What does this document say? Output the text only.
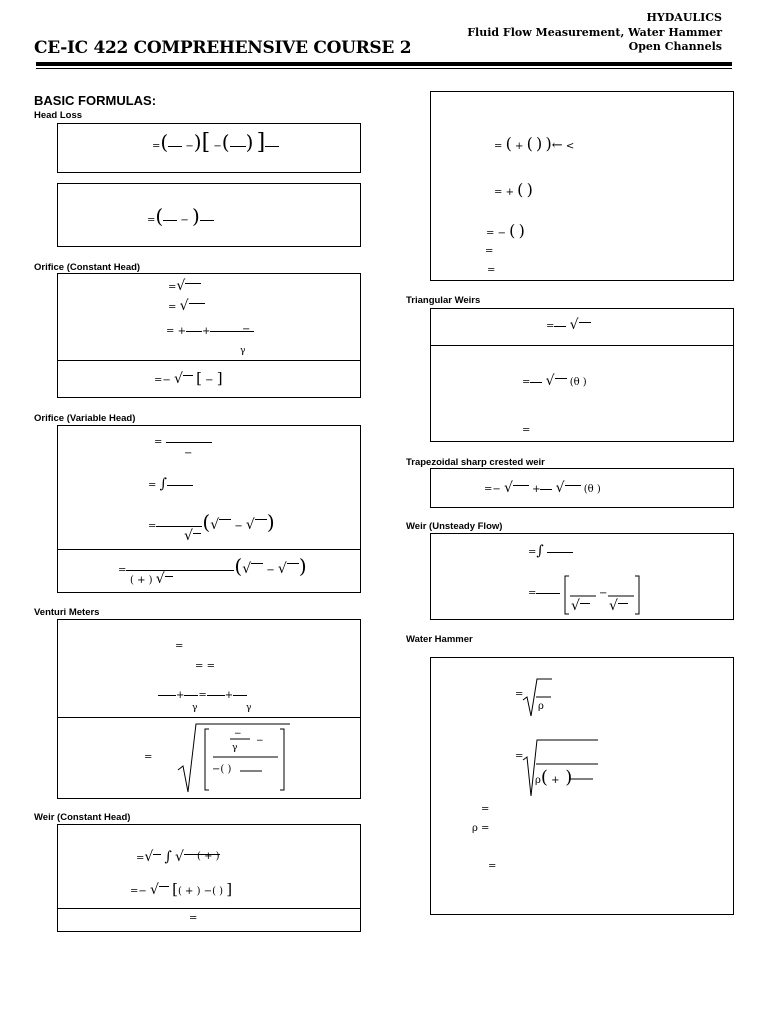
CE-IC 422 COMPREHENSIVE COURSE 2
HYDAULICS
Fluid Flow Measurement, Water Hammer
Open Channels
BASIC FORMULAS:
Head Loss
=( −)[ −( ) ]
=( − )
Orifice (Constant Head)
=√
= √
= + +	−
γ
=− √ [ − ]
Orifice (Variable Head)
=
−
= ∫
= (√ − √ )
√
=	(√ − √ )
( + ) √
Venturi Meters
=
= =
+ = +
γ	γ
=
−
−
γ
−( )
Weir (Constant Head)
=√ ∫ √	( + )
=− √ [( + ) −( ) ]
=
= ( + ( ) )← <
= + ( )
= − ( )
=
=
Triangular Weirs
= √
= √ (θ )
=
Trapezoidal sharp crested weir
=− √ + √ (θ )
Weir (Unsteady Flow)
=∫
=
√
−
√
Water Hammer
=
ρ
=
ρ( + )
=
ρ =
=
